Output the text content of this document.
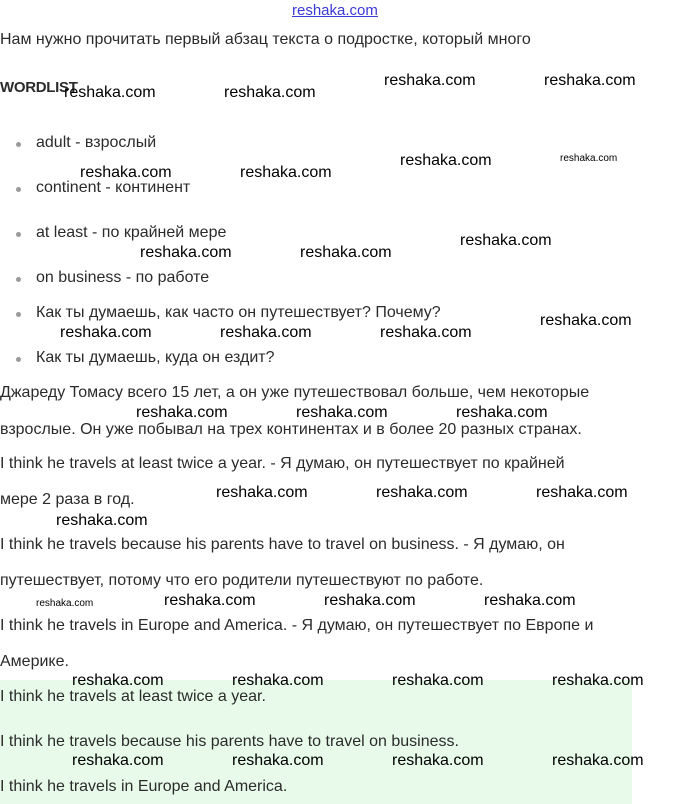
reshaka.com
Нам нужно прочитать первый абзац текста о подростке, который много
WORDLIST
adult - взрослый
continent - континент
at least - по крайней мере
on business - по работе
Как ты думаешь, как часто он путешествует? Почему?
Как ты думаешь, куда он ездит?
Джареду Томасу всего 15 лет, а он уже путешествовал больше, чем некоторые
взрослые. Он уже побывал на трех континентах и в более 20 разных странах.
I think he travels at least twice a year. - Я думаю, он путешествует по крайней
мере 2 раза в год.
I think he travels because his parents have to travel on business. - Я думаю, он
путешествует, потому что его родители путешествуют по работе.
I think he travels in Europe and America. - Я думаю, он путешествует по Европе и
Америке.
I think he travels at least twice a year.
I think he travels because his parents have to travel on business.
I think he travels in Europe and America.
reshaka.com	reshaka.com
reshaka.com	reshaka.com
reshaka.com	reshaka.com
reshaka.com	reshaka.com
reshaka.com	reshaka.com
reshaka.com
reshaka.com	reshaka.com	reshaka.com
reshaka.com
reshaka.com	reshaka.com	reshaka.com
reshaka.com	reshaka.com	reshaka.com
reshaka.com
reshaka.com	reshaka.com	reshaka.com	reshaka.com
reshaka.com	reshaka.com	reshaka.com	reshaka.com
reshaka.com	reshaka.com	reshaka.com	reshaka.com
